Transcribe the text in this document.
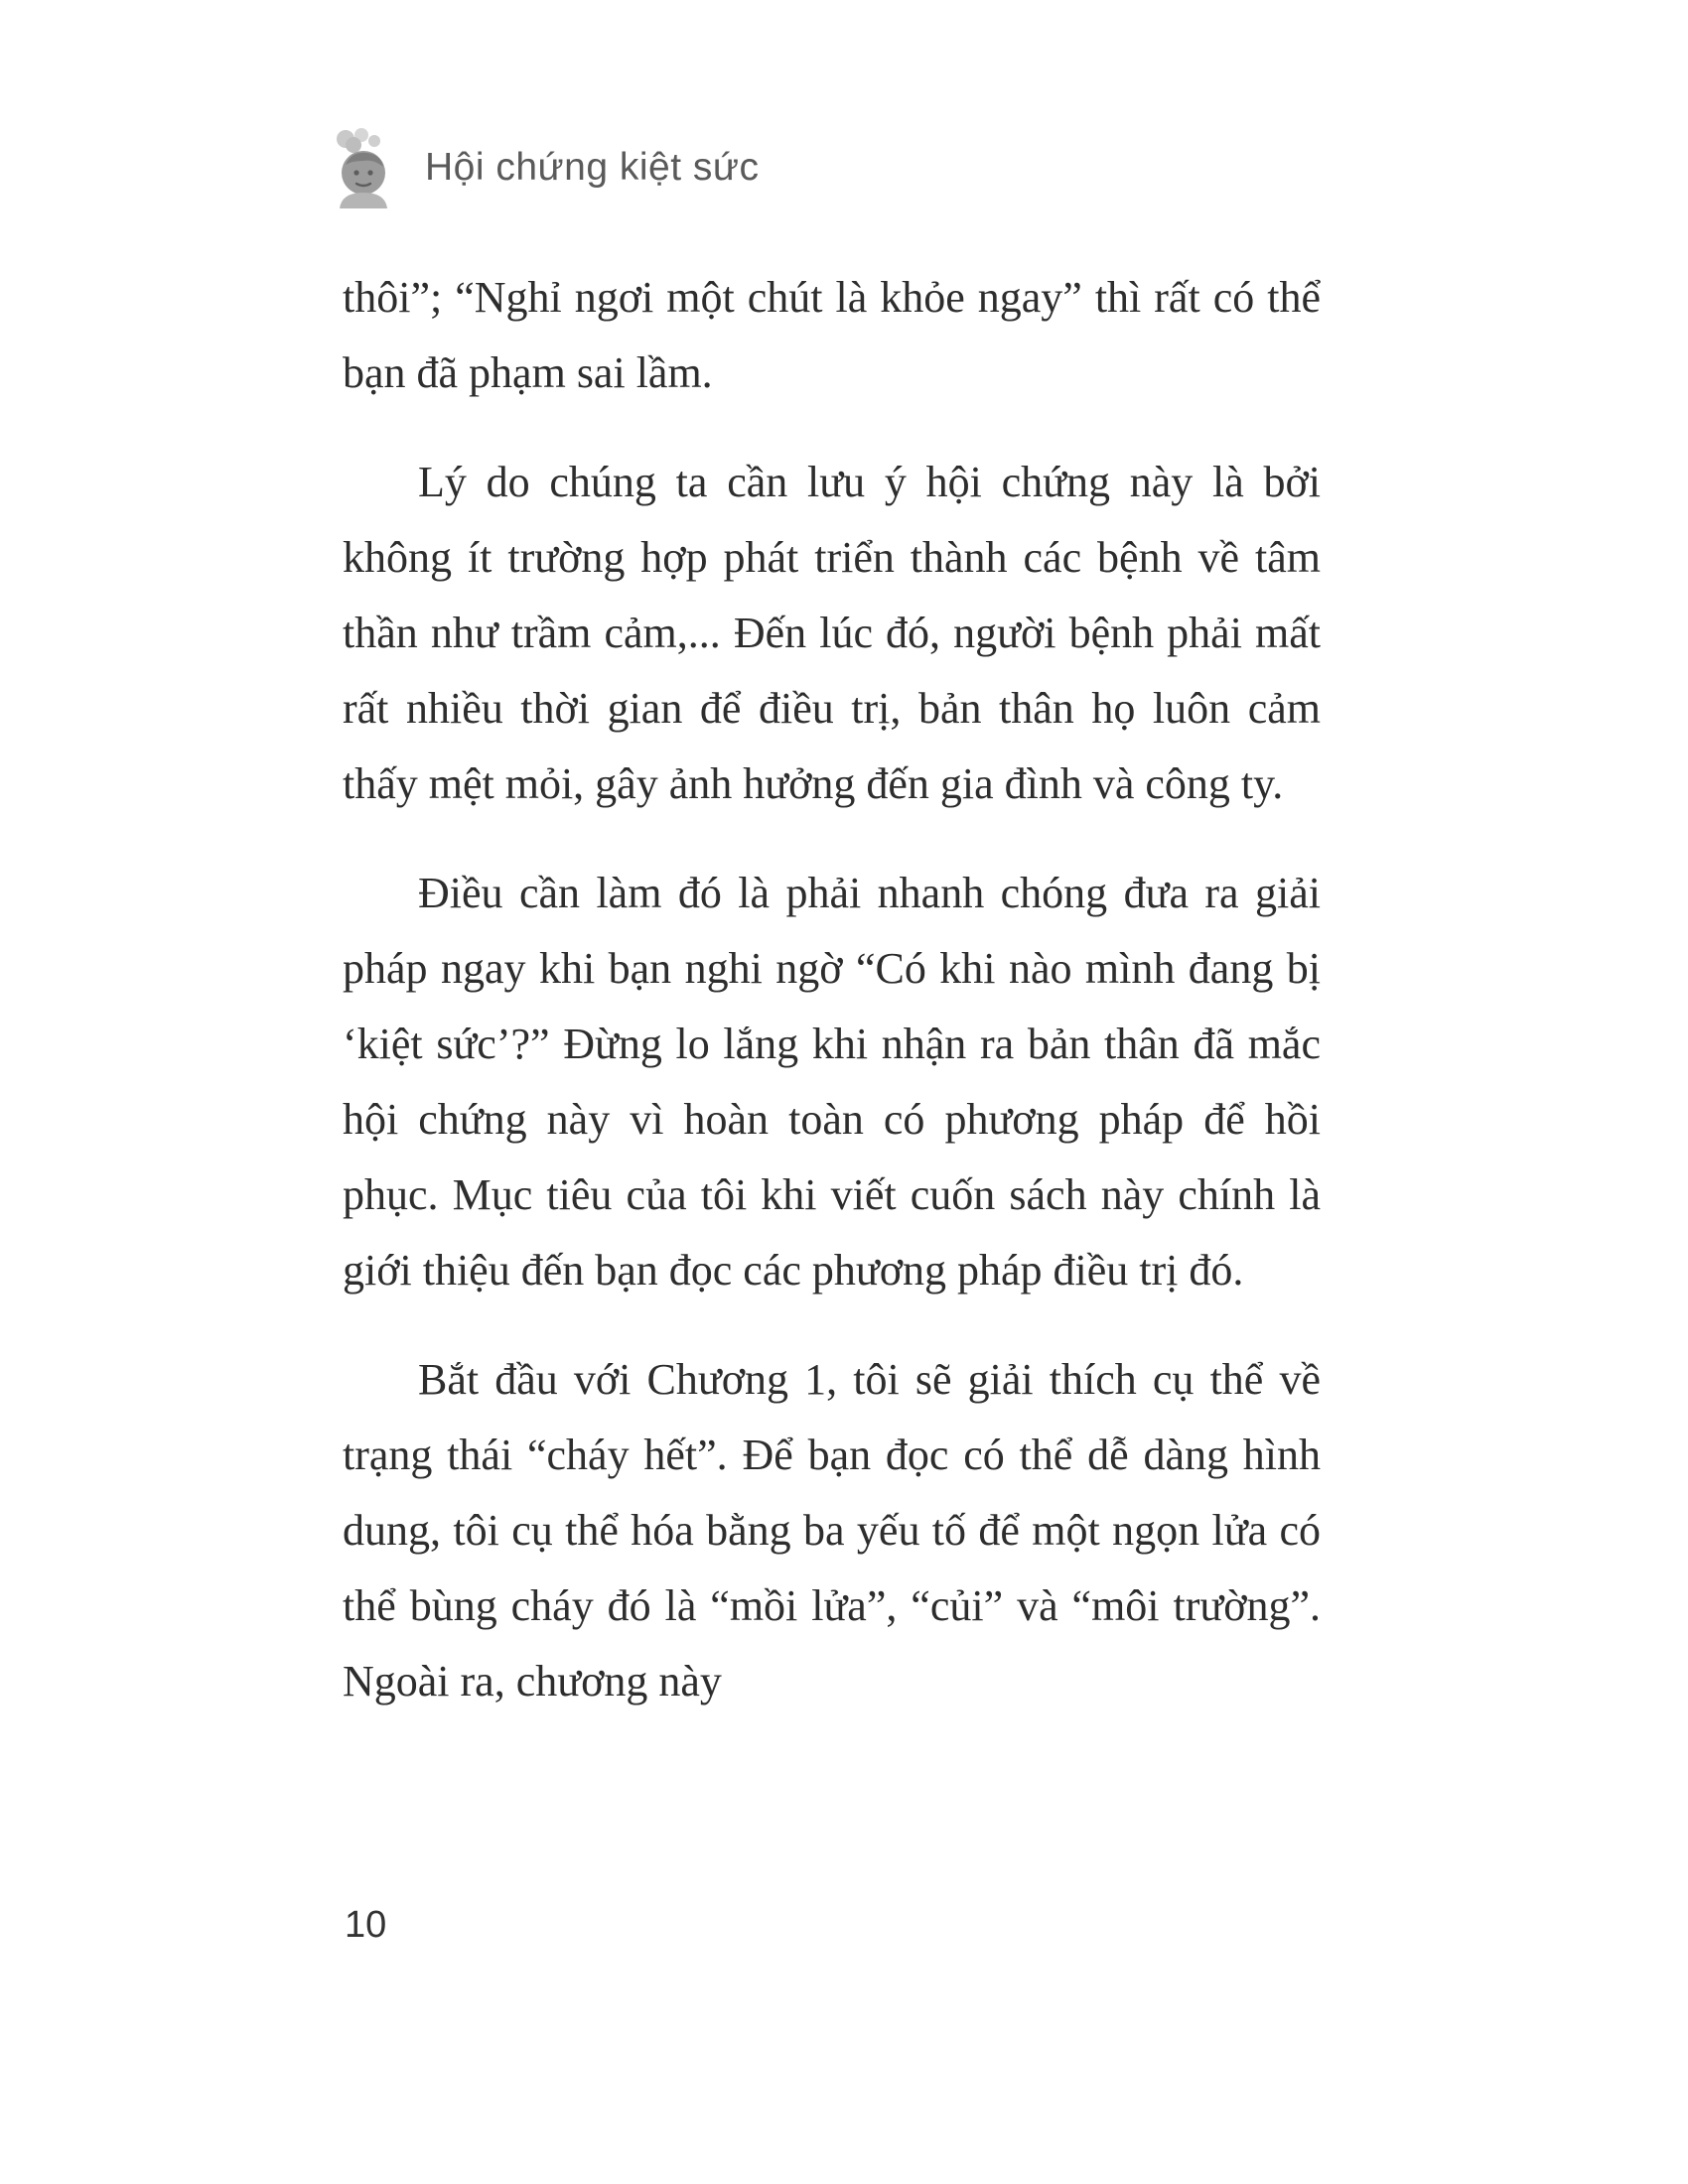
Hội chứng kiệt sức

thôi”; “Nghỉ ngơi một chút là khỏe ngay” thì rất có thể bạn đã phạm sai lầm.

Lý do chúng ta cần lưu ý hội chứng này là bởi không ít trường hợp phát triển thành các bệnh về tâm thần như trầm cảm,... Đến lúc đó, người bệnh phải mất rất nhiều thời gian để điều trị, bản thân họ luôn cảm thấy mệt mỏi, gây ảnh hưởng đến gia đình và công ty.

Điều cần làm đó là phải nhanh chóng đưa ra giải pháp ngay khi bạn nghi ngờ “Có khi nào mình đang bị ‘kiệt sức’?” Đừng lo lắng khi nhận ra bản thân đã mắc hội chứng này vì hoàn toàn có phương pháp để hồi phục. Mục tiêu của tôi khi viết cuốn sách này chính là giới thiệu đến bạn đọc các phương pháp điều trị đó.

Bắt đầu với Chương 1, tôi sẽ giải thích cụ thể về trạng thái “cháy hết”. Để bạn đọc có thể dễ dàng hình dung, tôi cụ thể hóa bằng ba yếu tố để một ngọn lửa có thể bùng cháy đó là “mồi lửa”, “củi” và “môi trường”. Ngoài ra, chương này

10
